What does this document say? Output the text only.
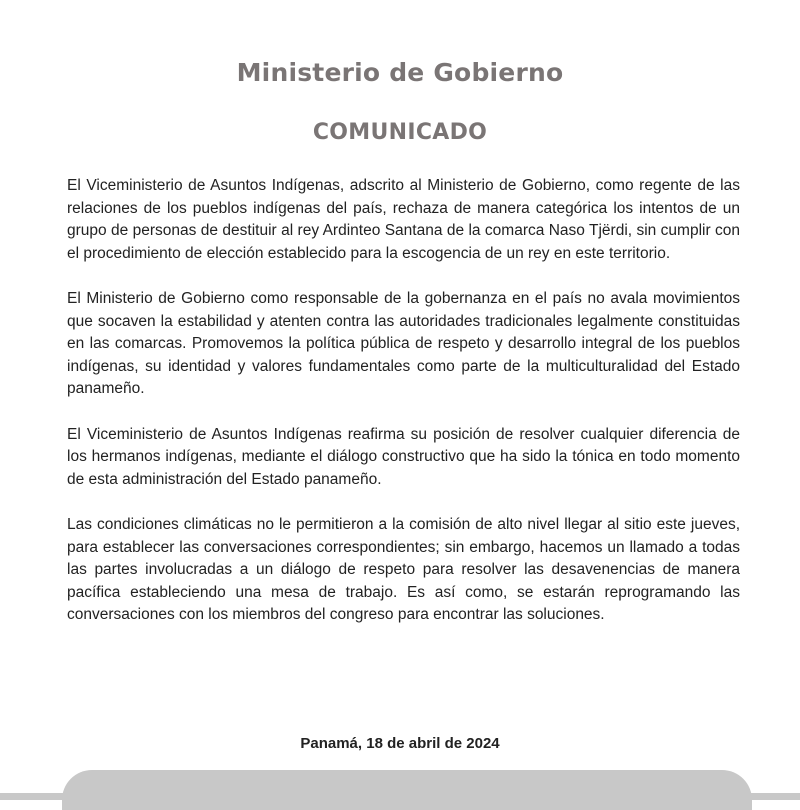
Ministerio de Gobierno
COMUNICADO

El Viceministerio de Asuntos Indígenas, adscrito al Ministerio de Gobierno, como regente de las relaciones de los pueblos indígenas del país, rechaza de manera categórica los intentos de un grupo de personas de destituir al rey Ardinteo Santana de la comarca Naso Tjërdi, sin cumplir con el procedimiento de elección establecido para la escogencia de un rey en este territorio.

El Ministerio de Gobierno como responsable de la gobernanza en el país no avala movimientos que socaven la estabilidad y atenten contra las autoridades tradicionales legalmente constituidas en las comarcas. Promovemos la política pública de respeto y desarrollo integral de los pueblos indígenas, su identidad y valores fundamentales como parte de la multiculturalidad del Estado panameño.

El Viceministerio de Asuntos Indígenas reafirma su posición de resolver cualquier diferencia de los hermanos indígenas, mediante el diálogo constructivo que ha sido la tónica en todo momento de esta administración del Estado panameño.

Las condiciones climáticas no le permitieron a la comisión de alto nivel llegar al sitio este jueves, para establecer las conversaciones correspondientes; sin embargo, hacemos un llamado a todas las partes involucradas a un diálogo de respeto para resolver las desavenencias de manera pacífica estableciendo una mesa de trabajo. Es así como, se estarán reprogramando las conversaciones con los miembros del congreso para encontrar las soluciones.

Panamá, 18 de abril de 2024
